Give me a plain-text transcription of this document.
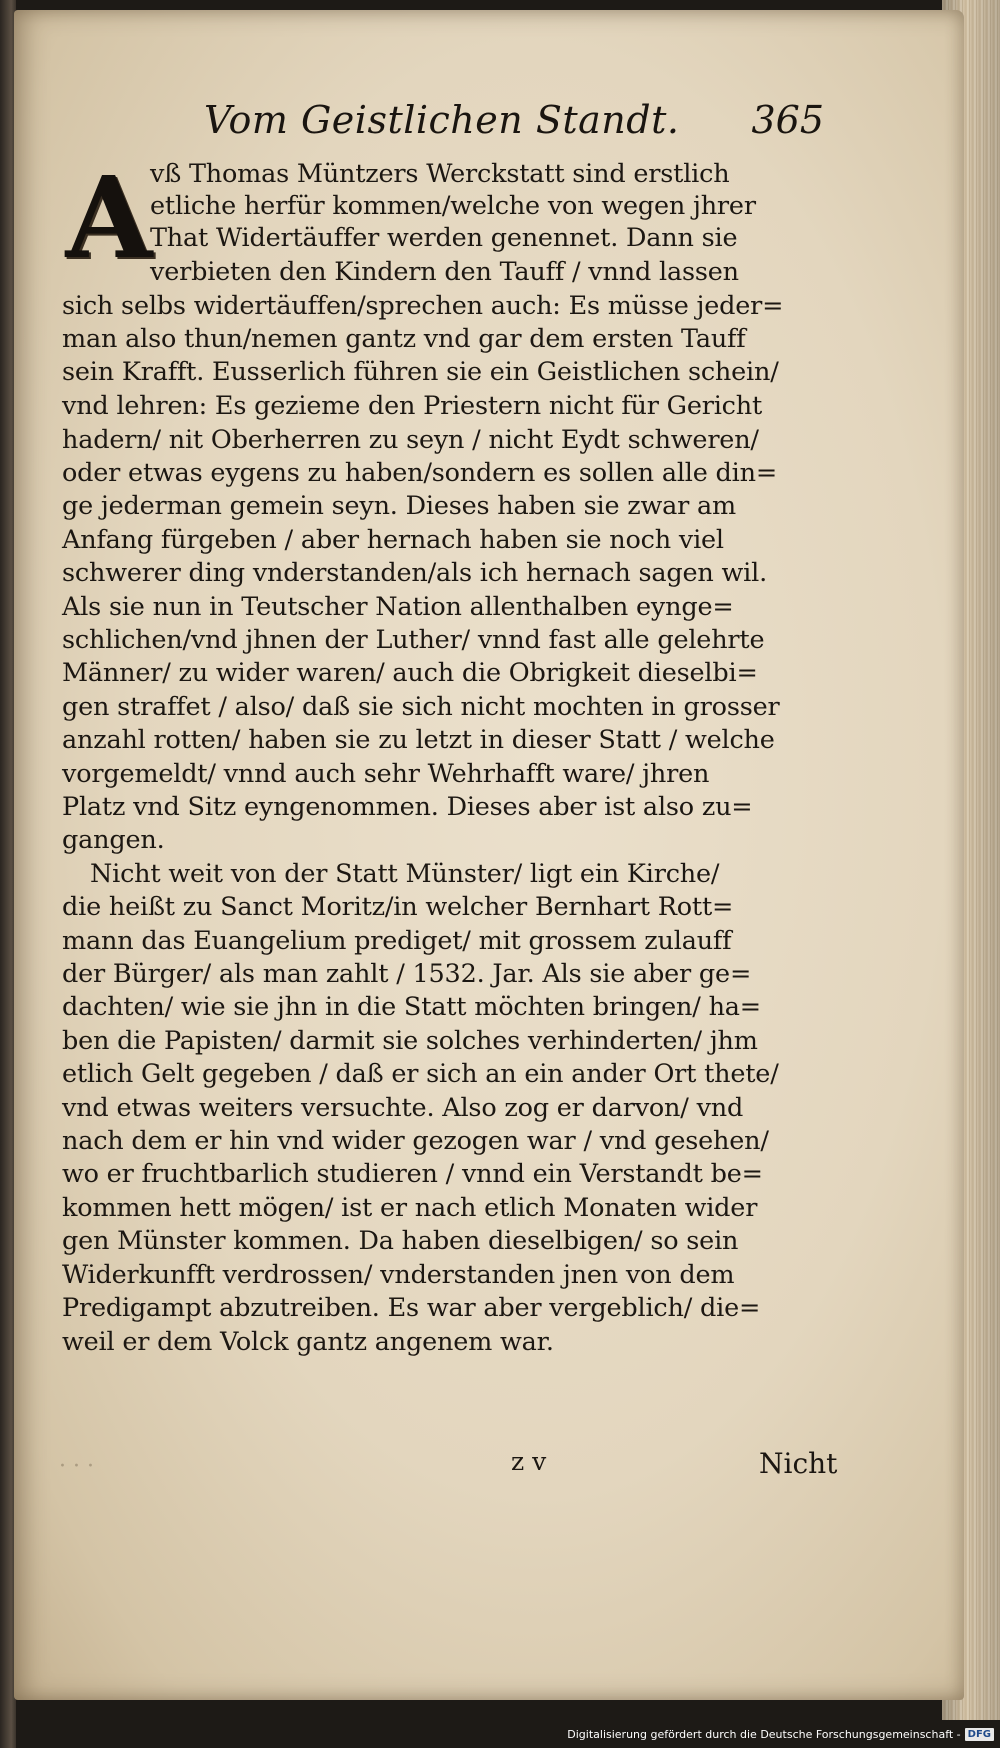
Vom Geistlichen Standt. 365
A
vß Thomas Müntzers Werckstatt sind erstlich
etliche herfür kommen/welche von wegen jhrer
That Widertäuffer werden genennet. Dann sie
verbieten den Kindern den Tauff / vnnd lassen
sich selbs widertäuffen/sprechen auch: Es müsse jeder=
man also thun/nemen gantz vnd gar dem ersten Tauff
sein Krafft. Eusserlich führen sie ein Geistlichen schein/
vnd lehren: Es gezieme den Priestern nicht für Gericht
hadern/ nit Oberherren zu seyn / nicht Eydt schweren/
oder etwas eygens zu haben/sondern es sollen alle din=
ge jederman gemein seyn. Dieses haben sie zwar am
Anfang fürgeben / aber hernach haben sie noch viel
schwerer ding vnderstanden/als ich hernach sagen wil.
Als sie nun in Teutscher Nation allenthalben eynge=
schlichen/vnd jhnen der Luther/ vnnd fast alle gelehrte
Männer/ zu wider waren/ auch die Obrigkeit dieselbi=
gen straffet / also/ daß sie sich nicht mochten in grosser
anzahl rotten/ haben sie zu letzt in dieser Statt / welche
vorgemeldt/ vnnd auch sehr Wehrhafft ware/ jhren
Platz vnd Sitz eyngenommen. Dieses aber ist also zu=
gangen.
Nicht weit von der Statt Münster/ ligt ein Kirche/
die heißt zu Sanct Moritz/in welcher Bernhart Rott=
mann das Euangelium prediget/ mit grossem zulauff
der Bürger/ als man zahlt / 1532. Jar. Als sie aber ge=
dachten/ wie sie jhn in die Statt möchten bringen/ ha=
ben die Papisten/ darmit sie solches verhinderten/ jhm
etlich Gelt gegeben / daß er sich an ein ander Ort thete/
vnd etwas weiters versuchte. Also zog er darvon/ vnd
nach dem er hin vnd wider gezogen war / vnd gesehen/
wo er fruchtbarlich studieren / vnnd ein Verstandt be=
kommen hett mögen/ ist er nach etlich Monaten wider
gen Münster kommen. Da haben dieselbigen/ so sein
Widerkunfft verdrossen/ vnderstanden jnen von dem
Predigampt abzutreiben. Es war aber vergeblich/ die=
weil er dem Volck gantz angenem war.
· · ·	z v	Nicht
Digitalisierung gefördert durch die Deutsche Forschungsgemeinschaft - DFG
